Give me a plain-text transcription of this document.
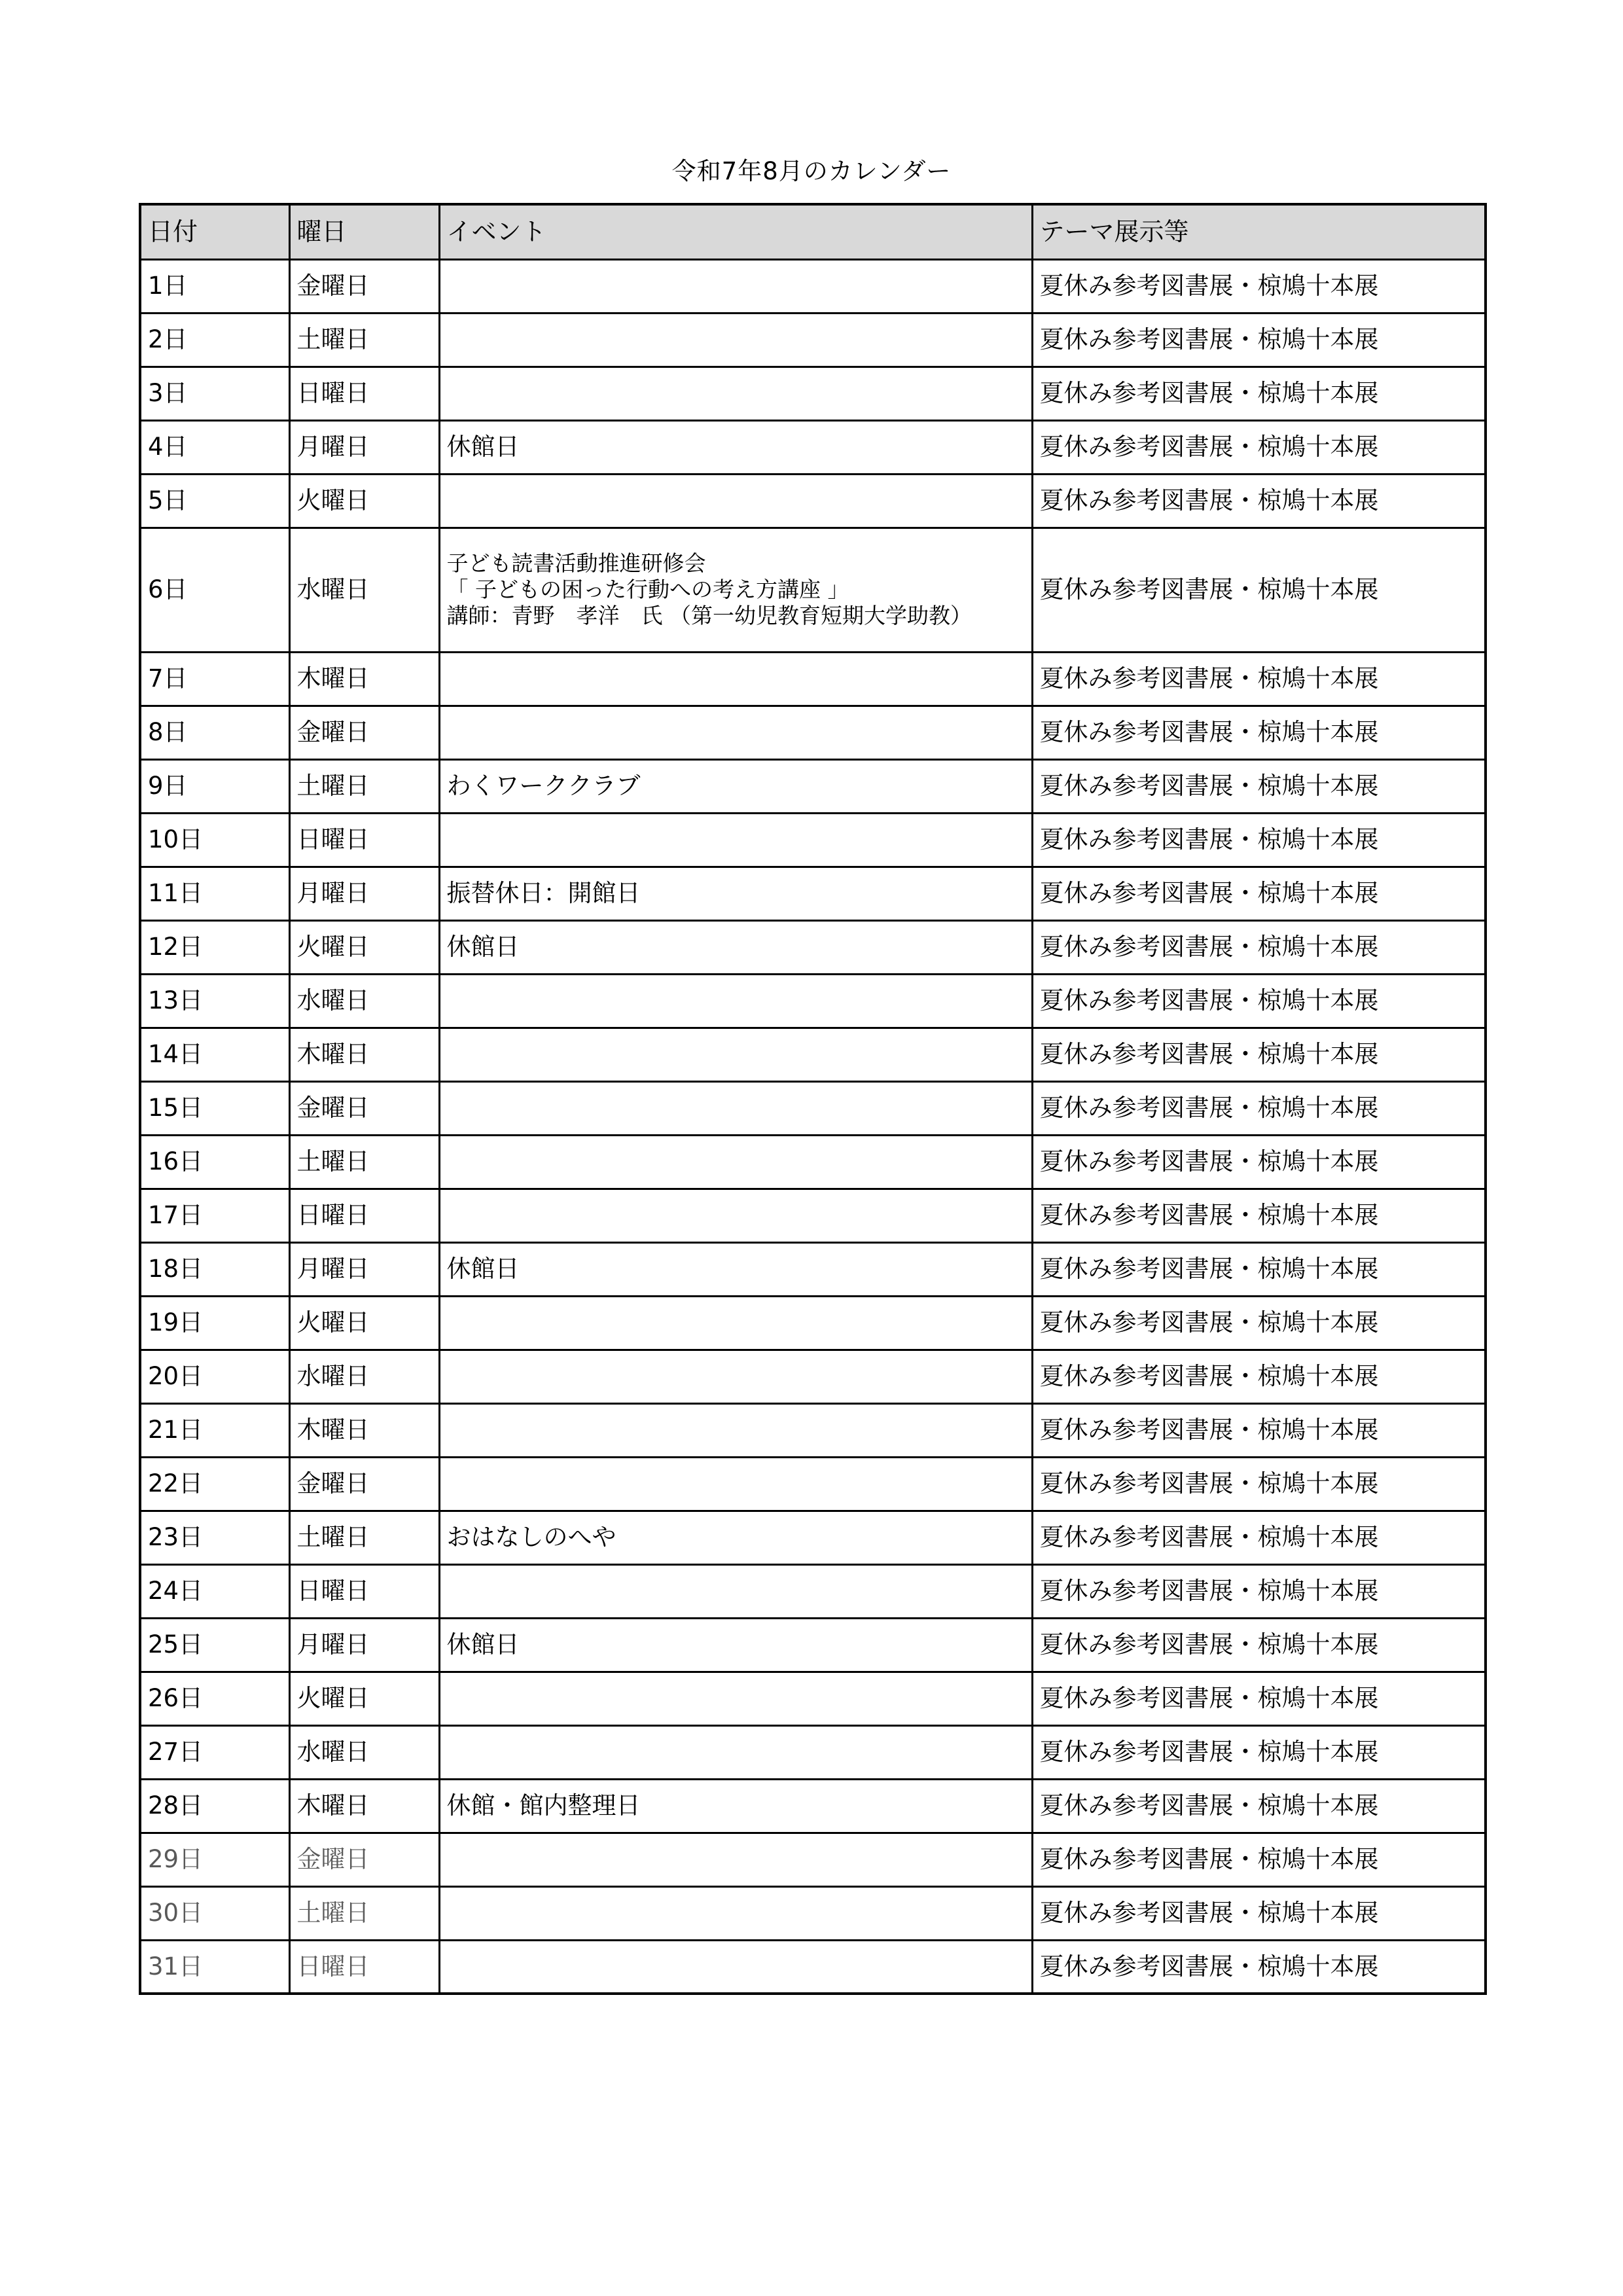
令和7年8月のカレンダー
日付	曜日	イベント	テーマ展示等
1日	金曜日		夏休み参考図書展・椋鳩十本展
2日	土曜日		夏休み参考図書展・椋鳩十本展
3日	日曜日		夏休み参考図書展・椋鳩十本展
4日	月曜日	休館日	夏休み参考図書展・椋鳩十本展
5日	火曜日		夏休み参考図書展・椋鳩十本展
6日	水曜日	子ども読書活動推進研修会
「 子どもの困った行動への考え方講座 」
講師：青野　孝洋　氏 （第一幼児教育短期大学助教）	夏休み参考図書展・椋鳩十本展
7日	木曜日		夏休み参考図書展・椋鳩十本展
8日	金曜日		夏休み参考図書展・椋鳩十本展
9日	土曜日	わくワーククラブ	夏休み参考図書展・椋鳩十本展
10日	日曜日		夏休み参考図書展・椋鳩十本展
11日	月曜日	振替休日：開館日	夏休み参考図書展・椋鳩十本展
12日	火曜日	休館日	夏休み参考図書展・椋鳩十本展
13日	水曜日		夏休み参考図書展・椋鳩十本展
14日	木曜日		夏休み参考図書展・椋鳩十本展
15日	金曜日		夏休み参考図書展・椋鳩十本展
16日	土曜日		夏休み参考図書展・椋鳩十本展
17日	日曜日		夏休み参考図書展・椋鳩十本展
18日	月曜日	休館日	夏休み参考図書展・椋鳩十本展
19日	火曜日		夏休み参考図書展・椋鳩十本展
20日	水曜日		夏休み参考図書展・椋鳩十本展
21日	木曜日		夏休み参考図書展・椋鳩十本展
22日	金曜日		夏休み参考図書展・椋鳩十本展
23日	土曜日	おはなしのへや	夏休み参考図書展・椋鳩十本展
24日	日曜日		夏休み参考図書展・椋鳩十本展
25日	月曜日	休館日	夏休み参考図書展・椋鳩十本展
26日	火曜日		夏休み参考図書展・椋鳩十本展
27日	水曜日		夏休み参考図書展・椋鳩十本展
28日	木曜日	休館・館内整理日	夏休み参考図書展・椋鳩十本展
29日	金曜日		夏休み参考図書展・椋鳩十本展
30日	土曜日		夏休み参考図書展・椋鳩十本展
31日	日曜日		夏休み参考図書展・椋鳩十本展
